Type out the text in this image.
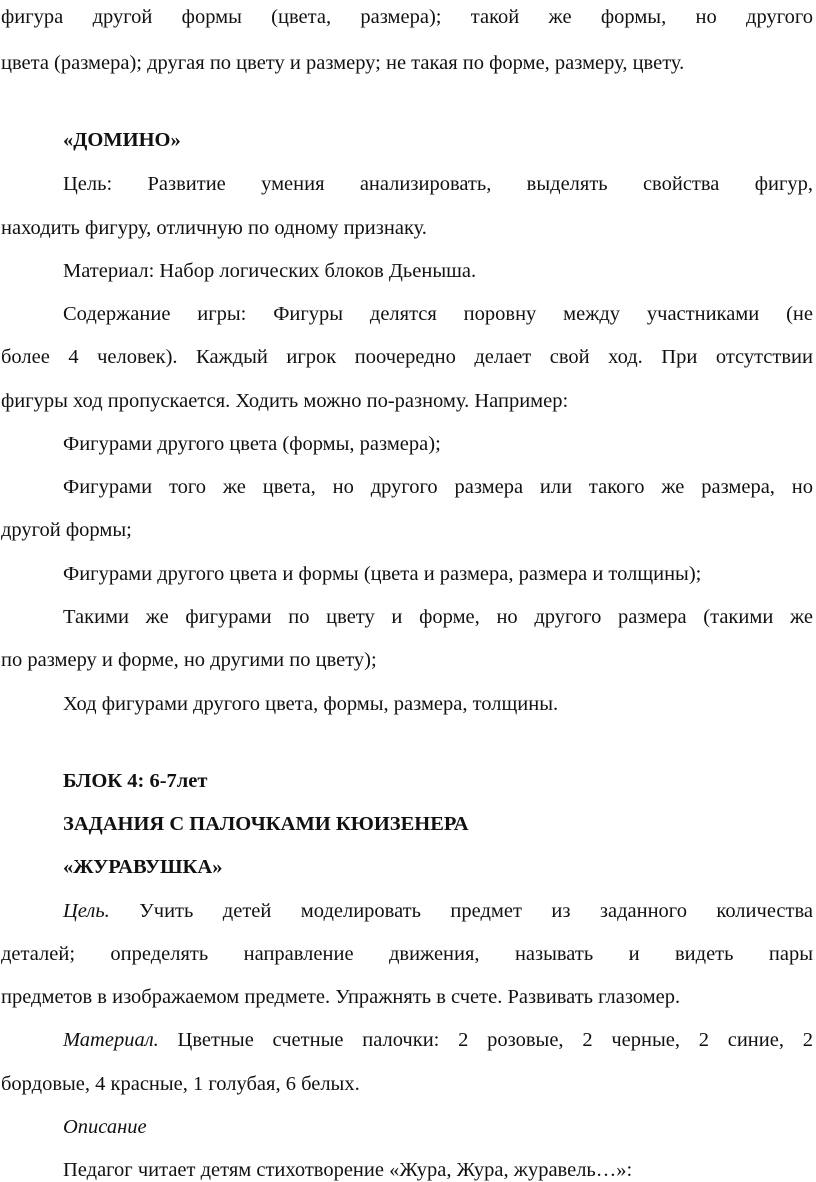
фигура другой формы (цвета, размера); такой же формы, но другого
цвета (размера); другая по цвету и размеру; не такая по форме, размеру, цвету.
«ДОМИНО»
Цель: Развитие умения анализировать, выделять свойства фигур,
находить фигуру, отличную по одному признаку.
Материал: Набор логических блоков Дьеныша.
Содержание игры: Фигуры делятся поровну между участниками (не
более 4 человек). Каждый игрок поочередно делает свой ход. При отсутствии
фигуры ход пропускается. Ходить можно по-разному. Например:
Фигурами другого цвета (формы, размера);
Фигурами того же цвета, но другого размера или такого же размера, но
другой формы;
Фигурами другого цвета и формы (цвета и размера, размера и толщины);
Такими же фигурами по цвету и форме, но другого размера (такими же
по размеру и форме, но другими по цвету);
Ход фигурами другого цвета, формы, размера, толщины.
БЛОК 4: 6-7лет
ЗАДАНИЯ С ПАЛОЧКАМИ КЮИЗЕНЕРА
«ЖУРАВУШКА»
Цель. Учить детей моделировать предмет из заданного количества
деталей; определять направление движения, называть и видеть пары
предметов в изображаемом предмете. Упражнять в счете. Развивать глазомер.
Материал. Цветные счетные палочки: 2 розовые, 2 черные, 2 синие, 2
бордовые, 4 красные, 1 голубая, 6 белых.
Описание
Педагог читает детям стихотворение «Жура, Жура, журавель…»:
